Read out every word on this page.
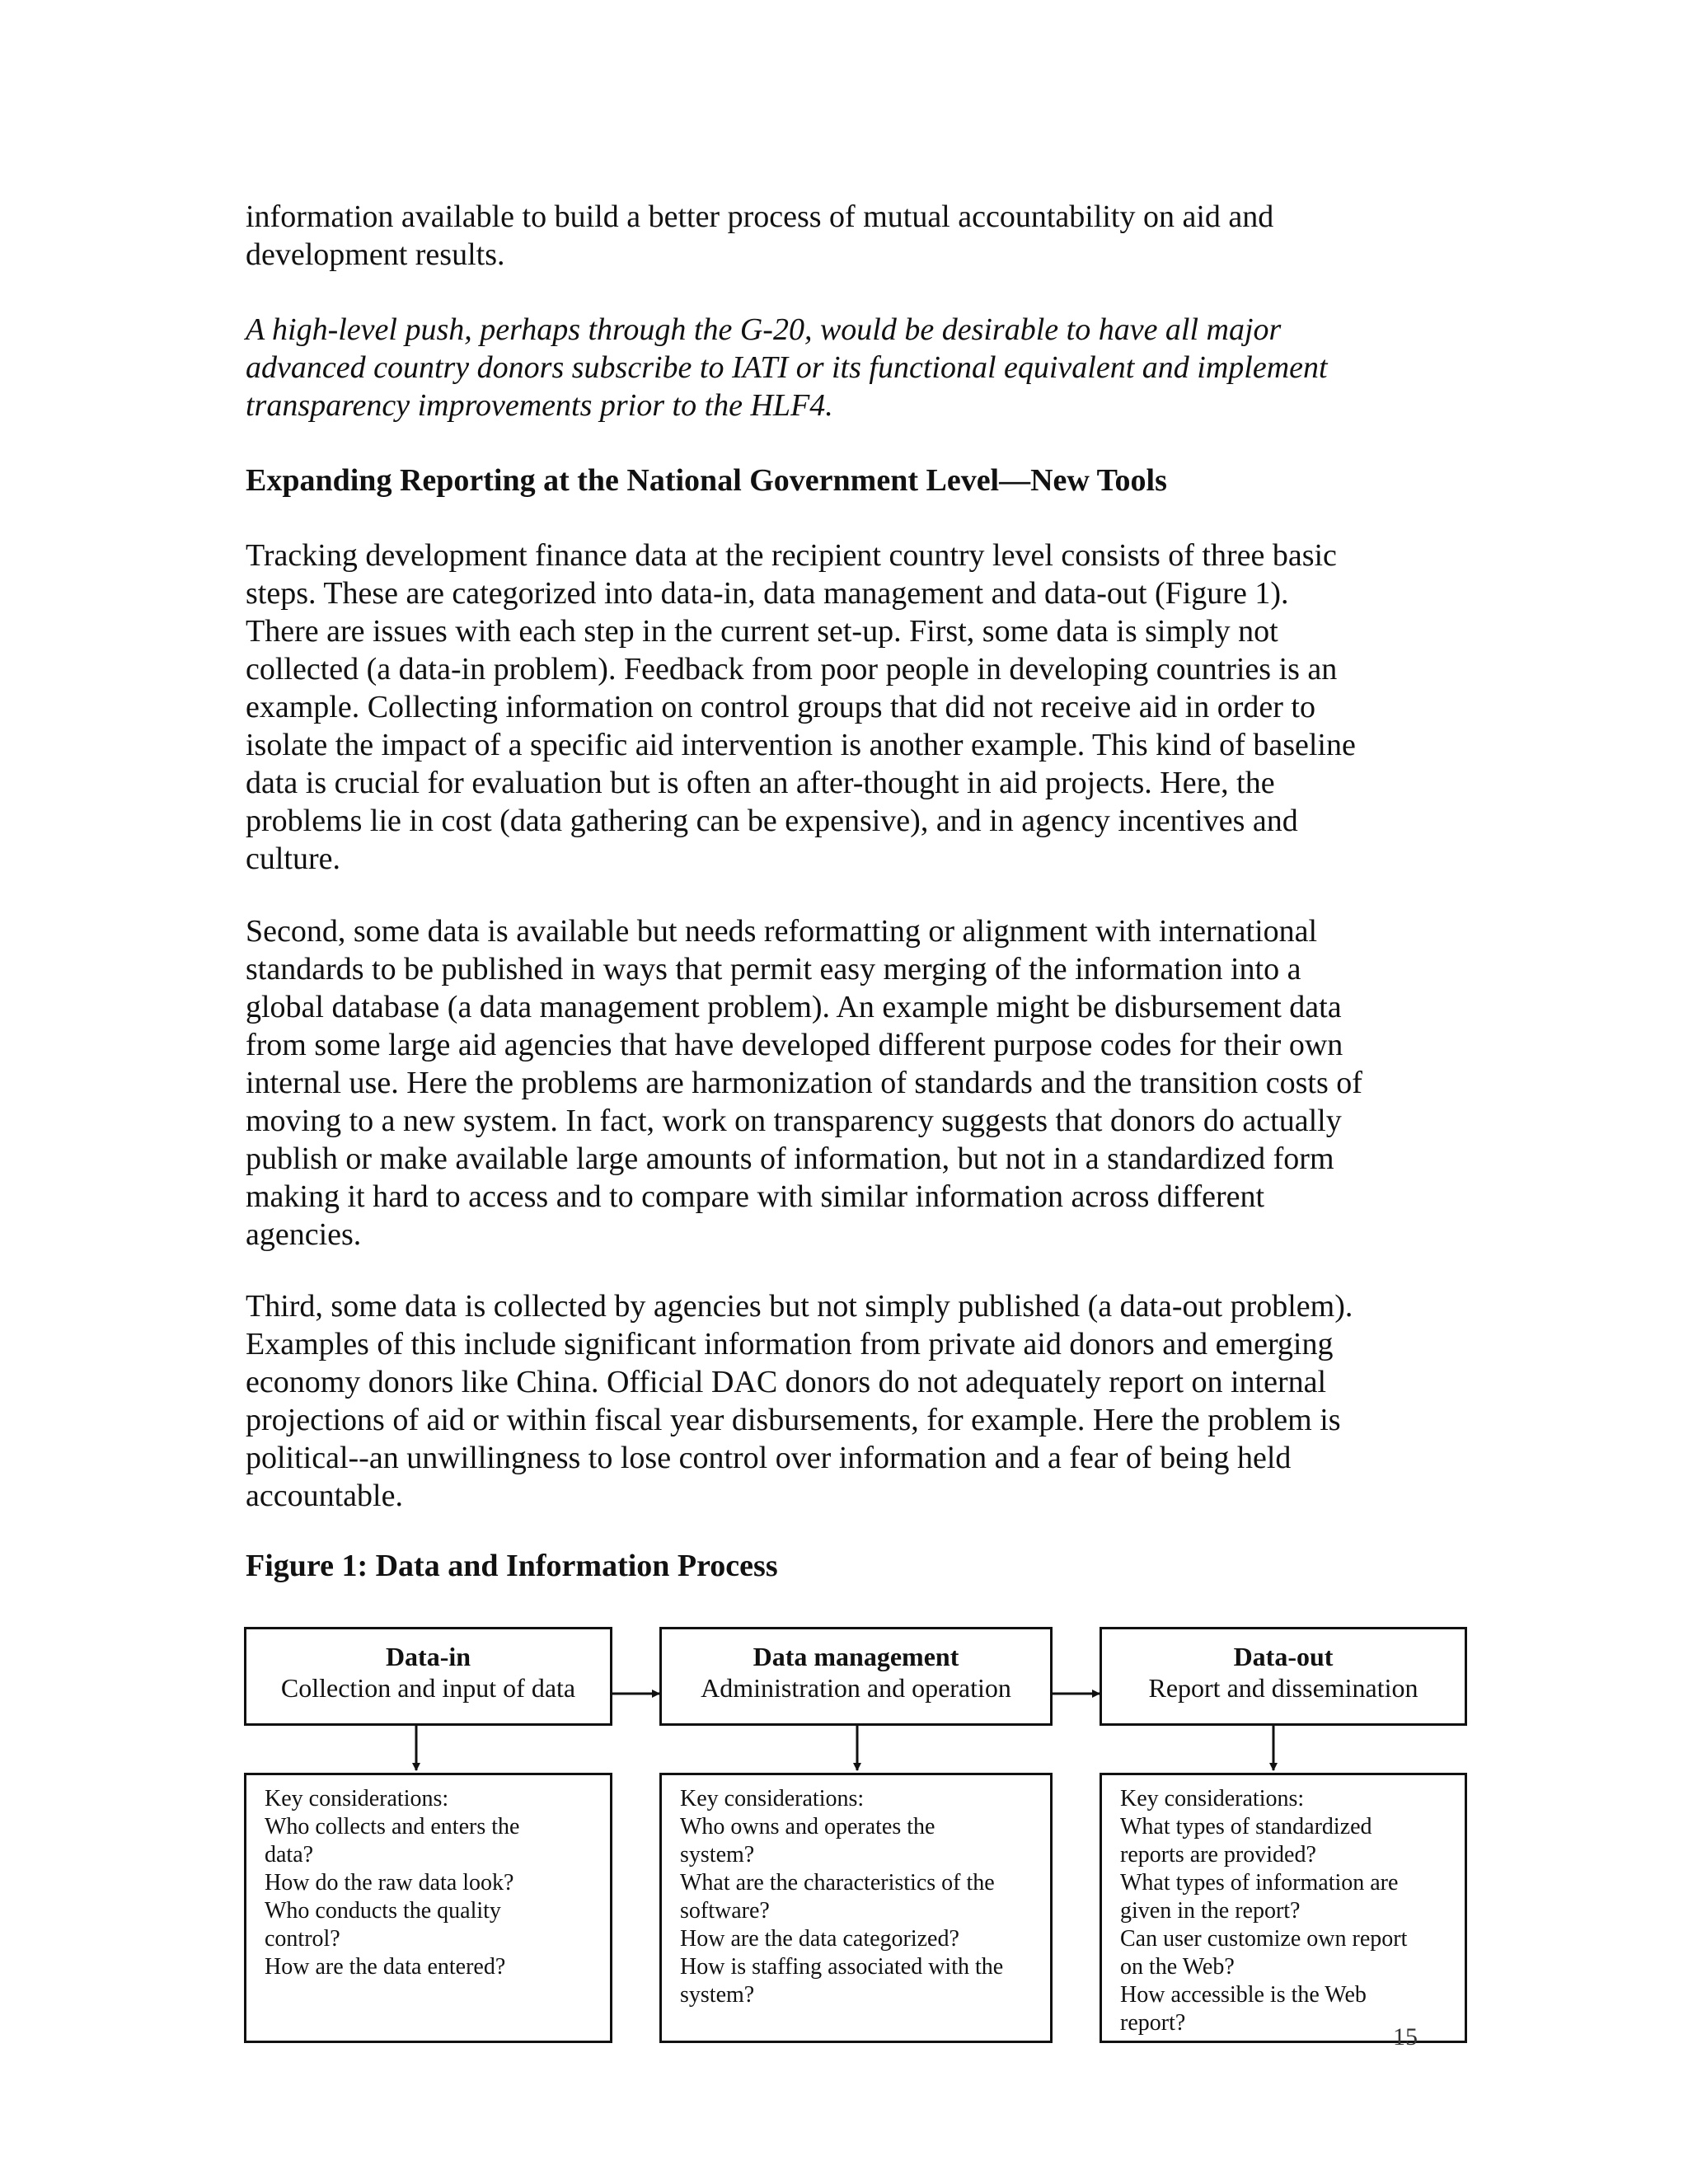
information available to build a better process of mutual accountability on aid and
development results.
A high-level push, perhaps through the G-20, would be desirable to have all major
advanced country donors subscribe to IATI or its functional equivalent and implement
transparency improvements prior to the HLF4.
Expanding Reporting at the National Government Level—New Tools
Tracking development finance data at the recipient country level consists of three basic
steps. These are categorized into data-in, data management and data-out (Figure 1).
There are issues with each step in the current set-up. First, some data is simply not
collected (a data-in problem). Feedback from poor people in developing countries is an
example. Collecting information on control groups that did not receive aid in order to
isolate the impact of a specific aid intervention is another example. This kind of baseline
data is crucial for evaluation but is often an after-thought in aid projects. Here, the
problems lie in cost (data gathering can be expensive), and in agency incentives and
culture.
Second, some data is available but needs reformatting or alignment with international
standards to be published in ways that permit easy merging of the information into a
global database (a data management problem). An example might be disbursement data
from some large aid agencies that have developed different purpose codes for their own
internal use. Here the problems are harmonization of standards and the transition costs of
moving to a new system. In fact, work on transparency suggests that donors do actually
publish or make available large amounts of information, but not in a standardized form
making it hard to access and to compare with similar information across different
agencies.
Third, some data is collected by agencies but not simply published (a data-out problem).
Examples of this include significant information from private aid donors and emerging
economy donors like China. Official DAC donors do not adequately report on internal
projections of aid or within fiscal year disbursements, for example. Here the problem is
political--an unwillingness to lose control over information and a fear of being held
accountable.
Figure 1: Data and Information Process
Data-in
Collection and input of data
Data management
Administration and operation
Data-out
Report and dissemination
Key considerations:
Who collects and enters the
data?
How do the raw data look?
Who conducts the quality
control?
How are the data entered?
Key considerations:
Who owns and operates the
system?
What are the characteristics of the
software?
How are the data categorized?
How is staffing associated with the
system?
Key considerations:
What types of standardized
reports are provided?
What types of information are
given in the report?
Can user customize own report
on the Web?
How accessible is the Web
report?
15
